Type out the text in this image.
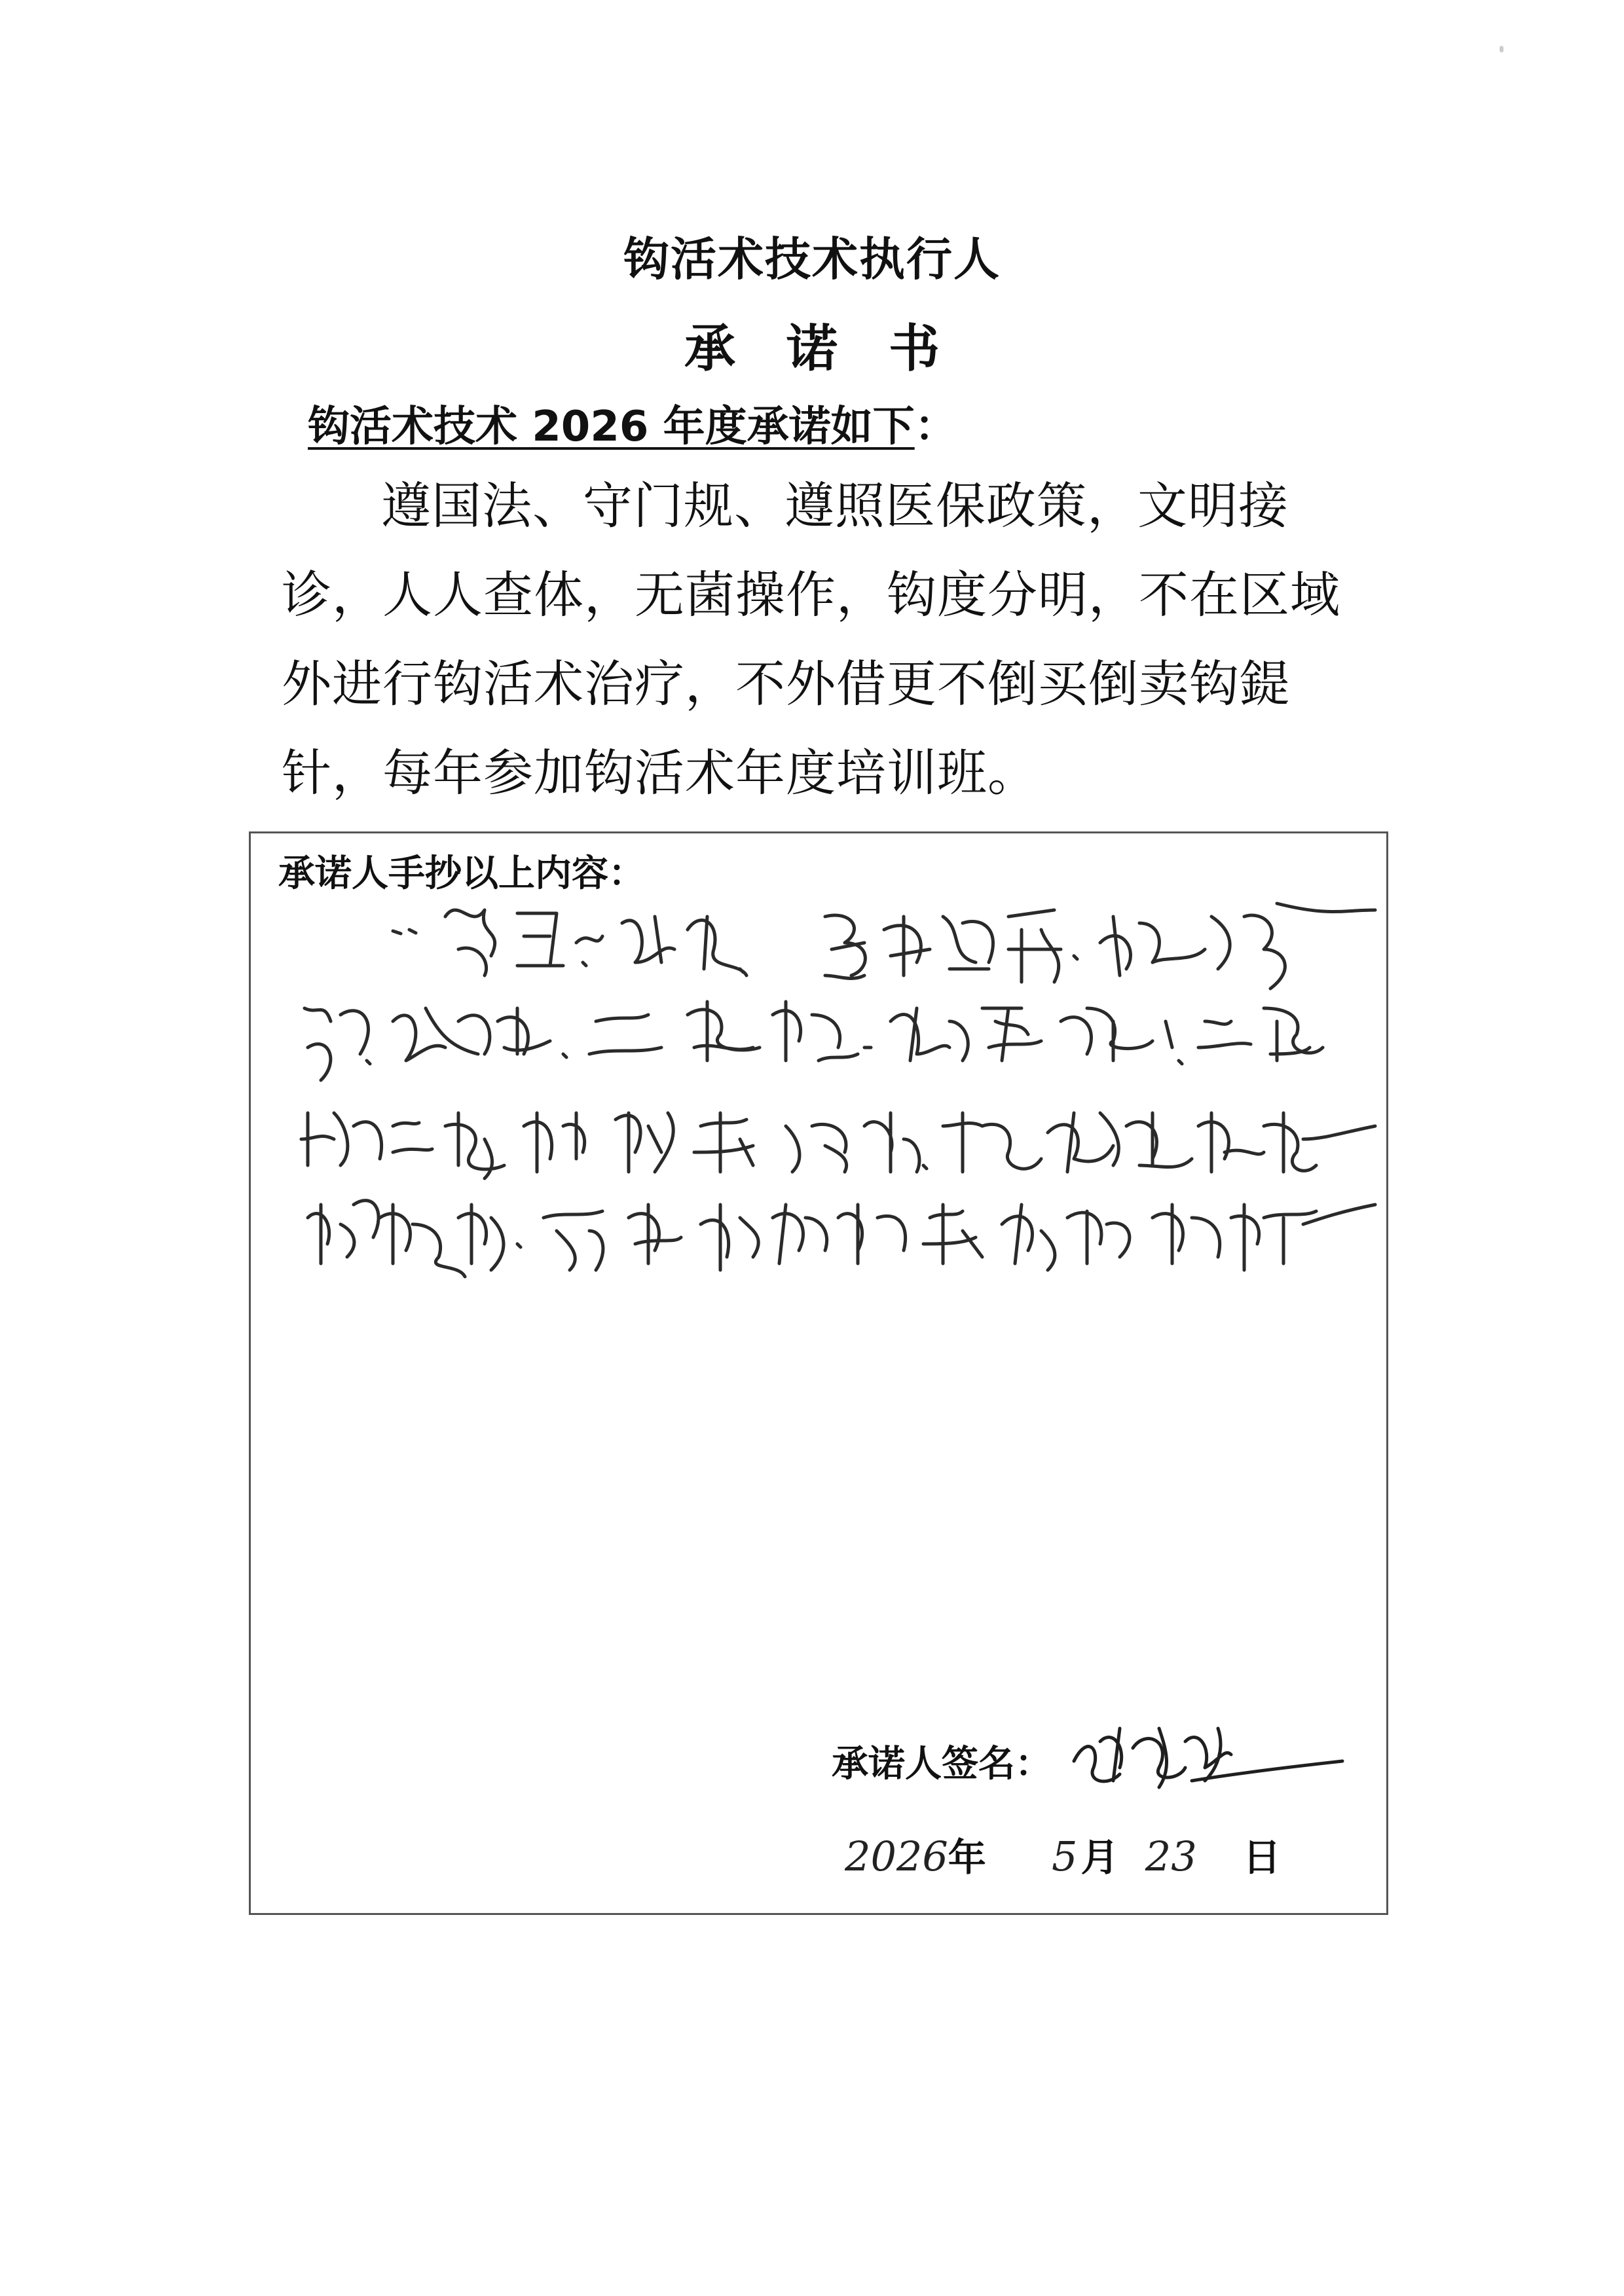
钩活术技术执行人
承诺书
钩活术技术 2026 年度承诺如下：
遵国法、守门规、遵照医保政策，文明接诊，人人查体，无菌操作，钩度分明，不在区域外进行钩活术治疗，不外借更不倒买倒卖钩鍉针，每年参加钩活术年度培训班。
承诺人手抄以上内容：
承诺人签名：
2026年 5 月 23 日
